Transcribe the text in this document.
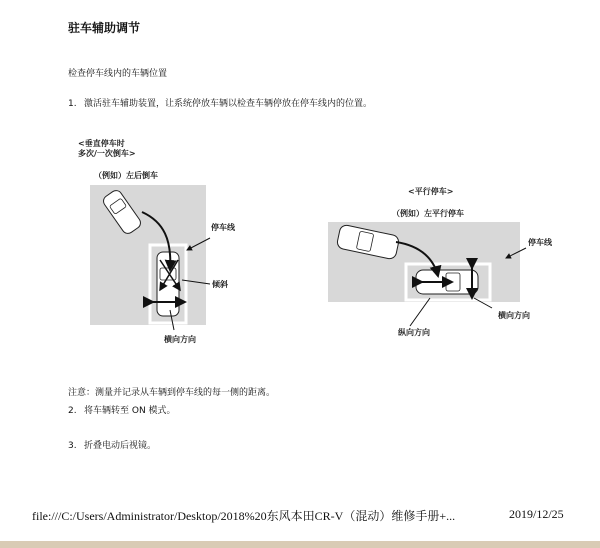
驻车辅助调节
检查停车线内的车辆位置
1. 激活驻车辅助装置，让系统停放车辆以检查车辆停放在停车线内的位置。
<垂直停车时
多次/一次倒车>
（例如）左后倒车
停车线
倾斜
横向方向
<平行停车>
（例如）左平行停车
停车线
横向方向
纵向方向
注意：测量并记录从车辆到停车线的每一侧的距离。
2. 将车辆转至 ON 模式。
3. 折叠电动后视镜。
file:///C:/Users/Administrator/Desktop/2018%20东风本田CR-V（混动）维修手册+...	2019/12/25
